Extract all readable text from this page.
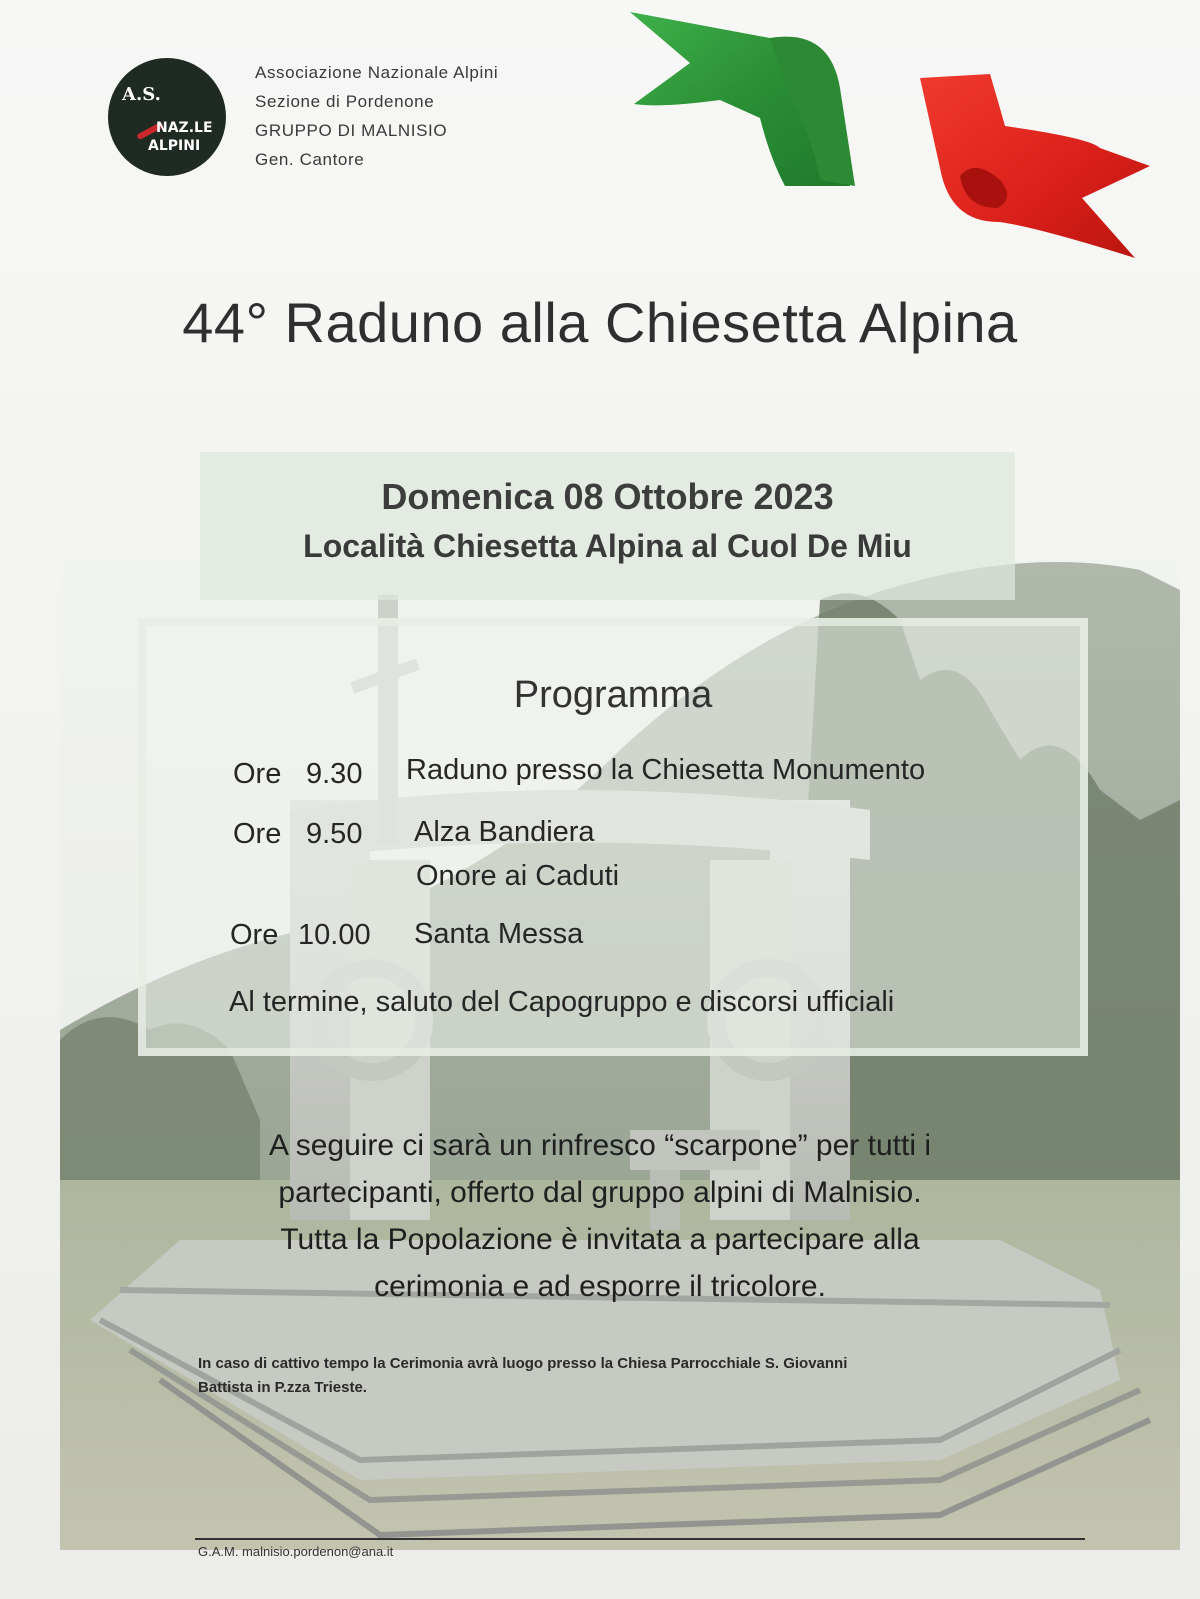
A.S.
NAZ.LE
ALPINI
Associazione Nazionale Alpini
Sezione di Pordenone
GRUPPO DI MALNISIO
Gen. Cantore
44° Raduno alla Chiesetta Alpina
Domenica 08 Ottobre 2023
Località Chiesetta Alpina al Cuol De Miu
Programma
Ore 9.30 Raduno presso la Chiesetta Monumento
Ore 9.50 Alza Bandiera
Onore ai Caduti
Ore 10.00 Santa Messa
Al termine, saluto del Capogruppo e discorsi ufficiali
A seguire ci sarà un rinfresco “scarpone” per tutti i
partecipanti, offerto dal gruppo alpini di Malnisio.
Tutta la Popolazione è invitata a partecipare alla
cerimonia e ad esporre il tricolore.
In caso di cattivo tempo la Cerimonia avrà luogo presso la Chiesa Parrocchiale S. Giovanni
Battista in P.zza Trieste.
G.A.M. malnisio.pordenon@ana.it
